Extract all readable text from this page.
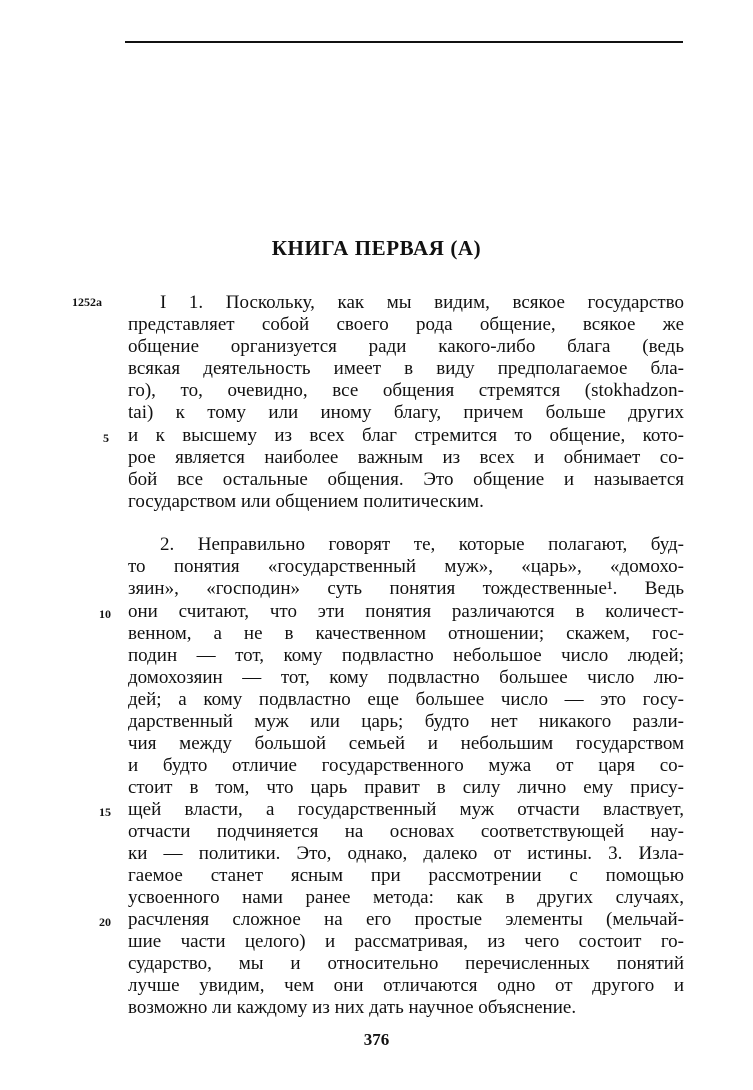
КНИГА ПЕРВАЯ (А)
1252a
5
10
15
20
I 1. Поскольку, как мы видим, всякое государство
представляет собой своего рода общение, всякое же
общение организуется ради какого-либо блага (ведь
всякая деятельность имеет в виду предполагаемое бла-
го), то, очевидно, все общения стремятся (stokhadzon-
tai) к тому или иному благу, причем больше других
и к высшему из всех благ стремится то общение, кото-
рое является наиболее важным из всех и обнимает со-
бой все остальные общения. Это общение и называется
государством или общением политическим.
2. Неправильно говорят те, которые полагают, буд-
то понятия «государственный муж», «царь», «домохо-
зяин», «господин» суть понятия тождественные¹. Ведь
они считают, что эти понятия различаются в количест-
венном, а не в качественном отношении; скажем, гос-
подин — тот, кому подвластно небольшое число людей;
домохозяин — тот, кому подвластно большее число лю-
дей; а кому подвластно еще большее число — это госу-
дарственный муж или царь; будто нет никакого разли-
чия между большой семьей и небольшим государством
и будто отличие государственного мужа от царя со-
стоит в том, что царь правит в силу лично ему прису-
щей власти, а государственный муж отчасти властвует,
отчасти подчиняется на основах соответствующей нау-
ки — политики. Это, однако, далеко от истины. 3. Изла-
гаемое станет ясным при рассмотрении с помощью
усвоенного нами ранее метода: как в других случаях,
расчленяя сложное на его простые элементы (мельчай-
шие части целого) и рассматривая, из чего состоит го-
сударство, мы и относительно перечисленных понятий
лучше увидим, чем они отличаются одно от другого и
возможно ли каждому из них дать научное объяснение.
376
